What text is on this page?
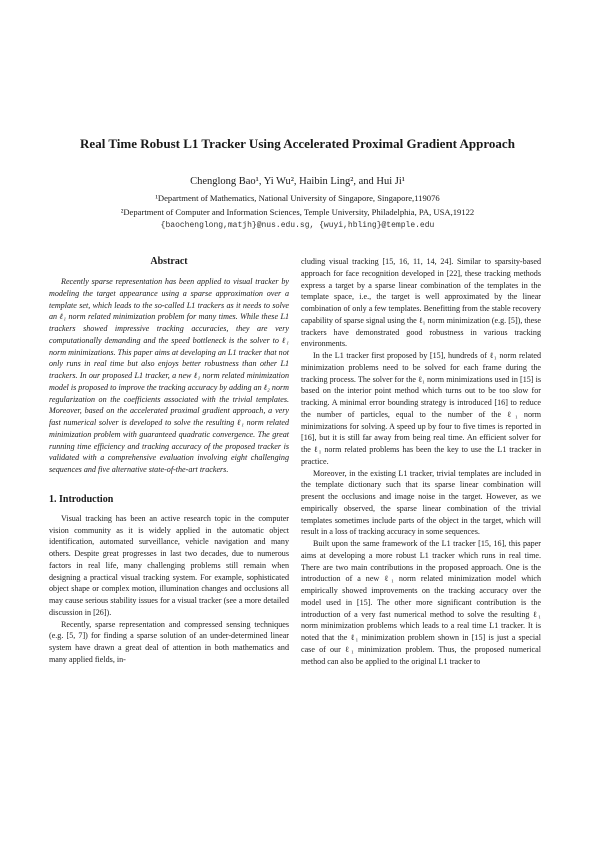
Real Time Robust L1 Tracker Using Accelerated Proximal Gradient Approach
Chenglong Bao¹, Yi Wu², Haibin Ling², and Hui Ji¹
¹Department of Mathematics, National University of Singapore, Singapore,119076
²Department of Computer and Information Sciences, Temple University, Philadelphia, PA, USA,19122
{baochenglong,matjh}@nus.edu.sg, {wuyi,hbling}@temple.edu
Abstract

Recently sparse representation has been applied to visual tracker by modeling the target appearance using a sparse approximation over a template set, which leads to the so-called L1 trackers as it needs to solve an ℓ₁ norm related minimization problem for many times. While these L1 trackers showed impressive tracking accuracies, they are very computationally demanding and the speed bottleneck is the solver to ℓ₁ norm minimizations. This paper aims at developing an L1 tracker that not only runs in real time but also enjoys better robustness than other L1 trackers. In our proposed L1 tracker, a new ℓ₁ norm related minimization model is proposed to improve the tracking accuracy by adding an ℓ₂ norm regularization on the coefficients associated with the trivial templates. Moreover, based on the accelerated proximal gradient approach, a very fast numerical solver is developed to solve the resulting ℓ₁ norm related minimization problem with guaranteed quadratic convergence. The great running time efficiency and tracking accuracy of the proposed tracker is validated with a comprehensive evaluation involving eight challenging sequences and five alternative state-of-the-art trackers.

1. Introduction

Visual tracking has been an active research topic in the computer vision community as it is widely applied in the automatic object identification, automated surveillance, vehicle navigation and many others. Despite great progresses in last two decades, due to numerous factors in real life, many challenging problems still remain when designing a practical visual tracking system. For example, sophisticated object shape or complex motion, illumination changes and occlusions all may cause serious stability issues for a visual tracker (see a more detailed discussion in [26]).

Recently, sparse representation and compressed sensing techniques (e.g. [5, 7]) for finding a sparse solution of an under-determined linear system have drawn a great deal of attention in both mathematics and many applied fields, in-

cluding visual tracking [15, 16, 11, 14, 24]. Similar to sparsity-based approach for face recognition developed in [22], these tracking methods express a target by a sparse linear combination of the templates in the template space, i.e., the target is well approximated by the linear combination of only a few templates. Benefitting from the stable recovery capability of sparse signal using the ℓ₁ norm minimization (e.g. [5]), these trackers have demonstrated good robustness in various tracking environments.

In the L1 tracker first proposed by [15], hundreds of ℓ₁ norm related minimization problems need to be solved for each frame during the tracking process. The solver for the ℓ₁ norm minimizations used in [15] is based on the interior point method which turns out to be too slow for tracking. A minimal error bounding strategy is introduced [16] to reduce the number of particles, equal to the number of the ℓ₁ norm minimizations for solving. A speed up by four to five times is reported in [16], but it is still far away from being real time. An efficient solver for the ℓ₁ norm related problems has been the key to use the L1 tracker in practice.

Moreover, in the existing L1 tracker, trivial templates are included in the template dictionary such that its sparse linear combination will present the occlusions and image noise in the target. However, as we empirically observed, the sparse linear combination of the trivial templates sometimes include parts of the object in the target, which will result in a loss of tracking accuracy in some sequences.

Built upon the same framework of the L1 tracker [15, 16], this paper aims at developing a more robust L1 tracker which runs in real time. There are two main contributions in the proposed approach. One is the introduction of a new ℓ₁ norm related minimization model which empirically showed improvements on the tracking accuracy over the model used in [15]. The other more significant contribution is the introduction of a very fast numerical method to solve the resulting ℓ₁ norm minimization problems which leads to a real time L1 tracker. It is noted that the ℓ₁ minimization problem shown in [15] is just a special case of our ℓ₁ minimization problem. Thus, the proposed numerical method can also be applied to the original L1 tracker to
